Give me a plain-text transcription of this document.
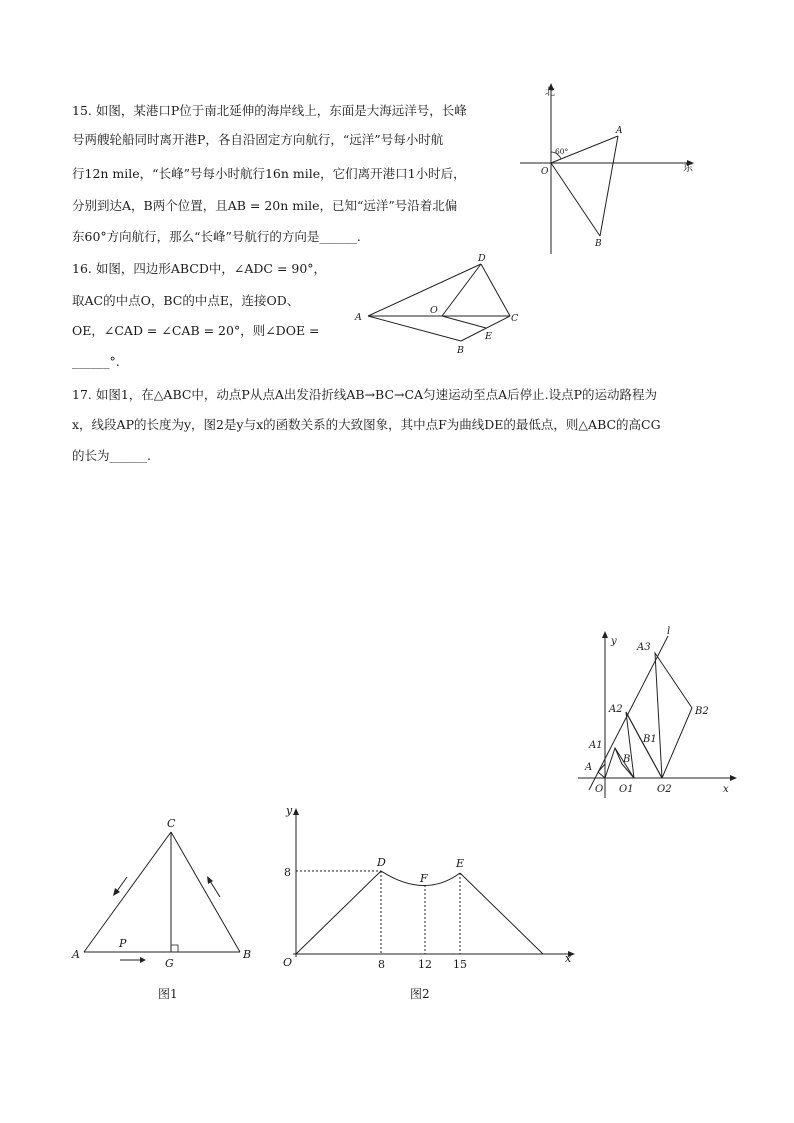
15. 如图，某港口P位于南北延伸的海岸线上，东面是大海远洋号，长峰
号两艘轮船同时离开港P，各自沿固定方向航行，“远洋”号每小时航
行12n mile，“长峰”号每小时航行16n mile，它们离开港口1小时后，
分别到达A，B两个位置，且AB = 20n mile，已知“远洋”号沿着北偏
东60°方向航行，那么“长峰”号航行的方向是______.
北
东
60°
O
A
B
16. 如图，四边形ABCD中，∠ADC = 90°，
取AC的中点O，BC的中点E，连接OD、
OE，∠CAD = ∠CAB = 20°，则∠DOE =
______°.
A
D
C
O
E
B
17. 如图1，在△ABC中，动点P从点A出发沿折线AB→BC→CA匀速运动至点A后停止.设点P的运动路程为
x，线段AP的长度为y，图2是y与x的函数关系的大致图象，其中点F为曲线DE的最低点，则△ABC的高CG
的长为______.
y
x
l
O O1 O2
A
A1
A2
A3
B
B1
B2
C
A	B
G
P
图1
y
x
O
8
8	12 15
D
F
E
图2
